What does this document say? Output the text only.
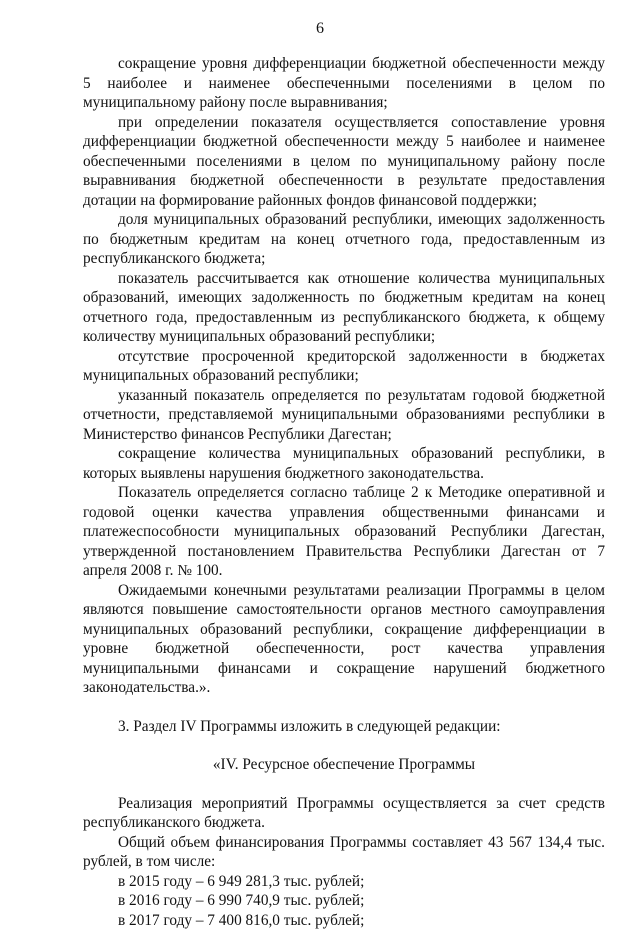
6

сокращение уровня дифференциации бюджетной обеспеченности между 5 наиболее и наименее обеспеченными поселениями в целом по муниципальному району после выравнивания;

при определении показателя осуществляется сопоставление уровня дифференциации бюджетной обеспеченности между 5 наиболее и наименее обеспеченными поселениями в целом по муниципальному району после выравнивания бюджетной обеспеченности в результате предоставления дотации на формирование районных фондов финансовой поддержки;

доля муниципальных образований республики, имеющих задолженность по бюджетным кредитам на конец отчетного года, предоставленным из республиканского бюджета;

показатель рассчитывается как отношение количества муниципальных образований, имеющих задолженность по бюджетным кредитам на конец отчетного года, предоставленным из республиканского бюджета, к общему количеству муниципальных образований республики;

отсутствие просроченной кредиторской задолженности в бюджетах муниципальных образований республики;

указанный показатель определяется по результатам годовой бюджетной отчетности, представляемой муниципальными образованиями республики в Министерство финансов Республики Дагестан;

сокращение количества муниципальных образований республики, в которых выявлены нарушения бюджетного законодательства.

Показатель определяется согласно таблице 2 к Методике оперативной и годовой оценки качества управления общественными финансами и платежеспособности муниципальных образований Республики Дагестан, утвержденной постановлением Правительства Республики Дагестан от 7 апреля 2008 г. № 100.

Ожидаемыми конечными результатами реализации Программы в целом являются повышение самостоятельности органов местного самоуправления муниципальных образований республики, сокращение дифференциации в уровне бюджетной обеспеченности, рост качества управления муниципальными финансами и сокращение нарушений бюджетного законодательства.».

3. Раздел IV Программы изложить в следующей редакции:

«IV. Ресурсное обеспечение Программы

Реализация мероприятий Программы осуществляется за счет средств республиканского бюджета.

Общий объем финансирования Программы составляет 43 567 134,4 тыс. рублей, в том числе:

в 2015 году – 6 949 281,3 тыс. рублей;

в 2016 году – 6 990 740,9 тыс. рублей;

в 2017 году – 7 400 816,0 тыс. рублей;
